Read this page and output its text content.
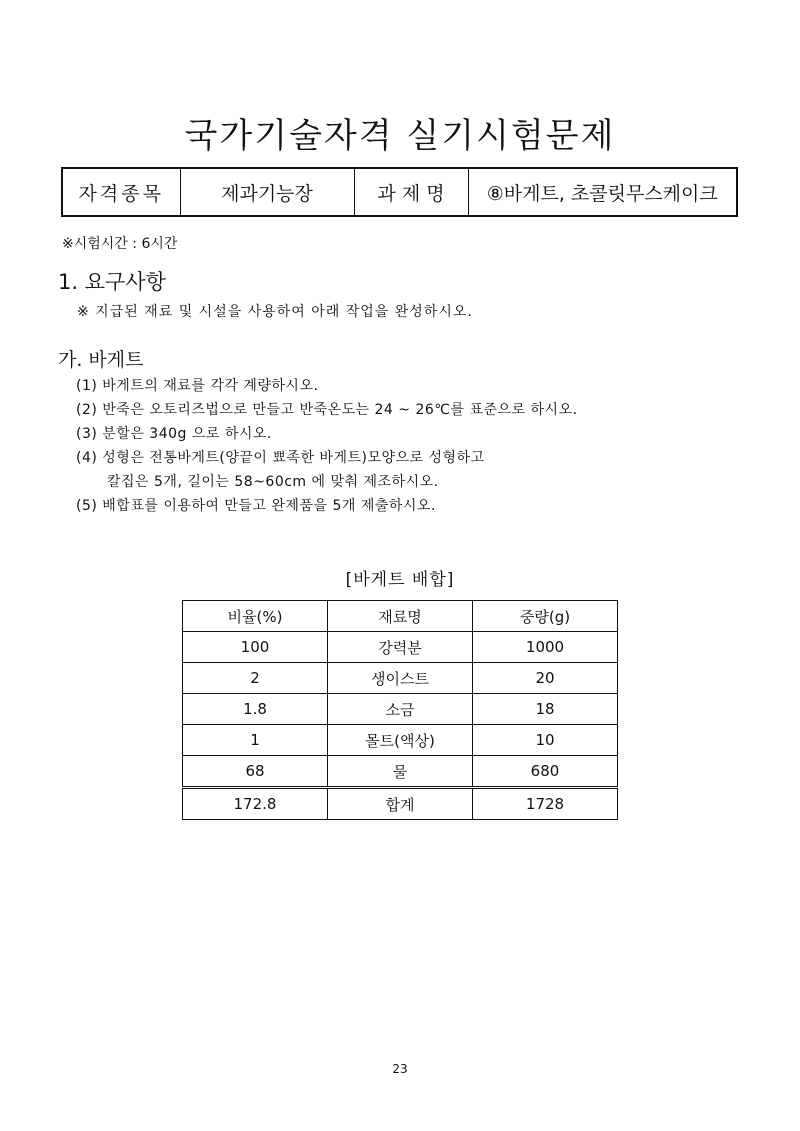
국가기술자격 실기시험문제
자격종목	제과기능장	과 제 명	⑧바게트, 초콜릿무스케이크
※시험시간 : 6시간
1. 요구사항
※ 지급된 재료 및 시설을 사용하여 아래 작업을 완성하시오.
가. 바게트
(1) 바게트의 재료를 각각 계량하시오.
(2) 반죽은 오토리즈법으로 만들고 반죽온도는 24 ~ 26℃를 표준으로 하시오.
(3) 분할은 340g 으로 하시오.
(4) 성형은 전통바게트(양끝이 뾰족한 바게트)모양으로 성형하고
칼집은 5개, 길이는 58~60cm 에 맞춰 제조하시오.
(5) 배합표를 이용하여 만들고 완제품을 5개 제출하시오.
[바게트 배합]
비율(%)	재료명	중량(g)
100	강력분	1000
2	생이스트	20
1.8	소금	18
1	몰트(액상)	10
68	물	680
172.8	합계	1728
23
